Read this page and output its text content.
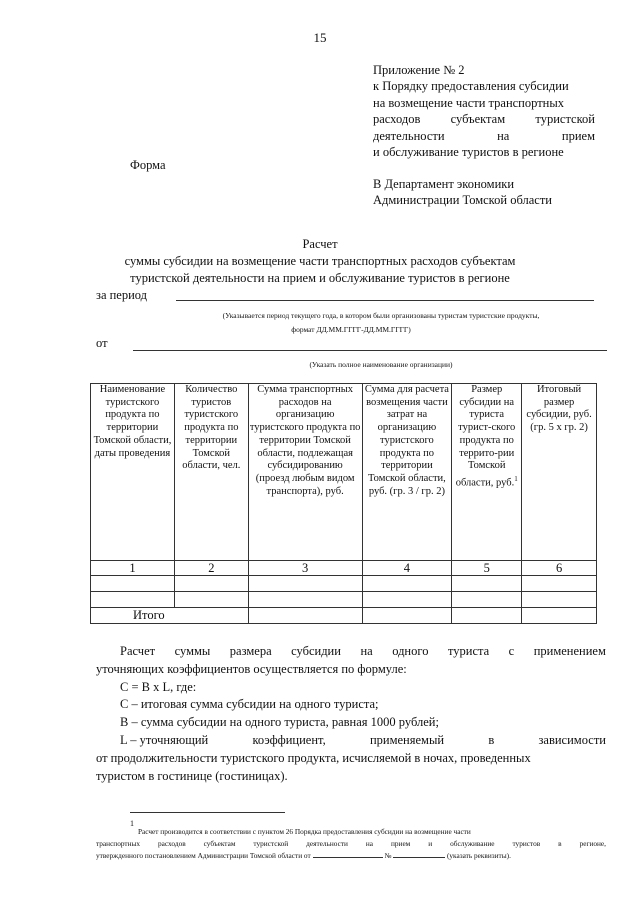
15
Приложение № 2
к Порядку предоставления субсидии
на возмещение части транспортных
расходов субъектам туристской
деятельности	на	прием
и обслуживание туристов в регионе
Форма
В Департамент экономики
Администрации Томской области
Расчет
суммы субсидии на возмещение части транспортных расходов субъектам
туристской деятельности на прием и обслуживание туристов в регионе
за период
(Указывается период текущего года, в котором были организованы туристам туристские продукты,
формат ДД.ММ.ГГГГ-ДД.ММ.ГГГГ)
от
(Указать полное наименование организации)
Наименование туристского продукта по территории Томской области, даты проведения	Количество туристов туристского продукта по территории Томской области, чел.	Сумма транспортных расходов на организацию туристского продукта по территории Томской области, подлежащая субсидированию (проезд любым видом транспорта), руб.	Сумма для расчета возмещения части затрат на организацию туристского продукта по территории Томской области, руб. (гр. 3 / гр. 2)	Размер субсидии на туриста турист-ского продукта по террито-рии Томской области, руб.$^1$	Итоговый размер субсидии, руб. (гр. 5 х гр. 2)
1	2	3	4	5	6

Итого					
Расчет суммы размера субсидии на одного туриста с применением
уточняющих коэффициентов осуществляется по формуле:
С = В х L, где:
С – итоговая сумма субсидии на одного туриста;
В – сумма субсидии на одного туриста, равная 1000 рублей;
L – уточняющий	коэффициент,	применяемый	в	зависимости
от продолжительности туристского продукта, исчисляемой в ночах, проведенных
туристом в гостинице (гостиницах).
1
Расчет производится в соответствии с пунктом 26 Порядка предоставления субсидии на возмещение части
транспортных расходов субъектам туристской деятельности на прием и обслуживание туристов в регионе,
утвержденного постановлением Администрации Томской области от	№	(указать реквизиты).
